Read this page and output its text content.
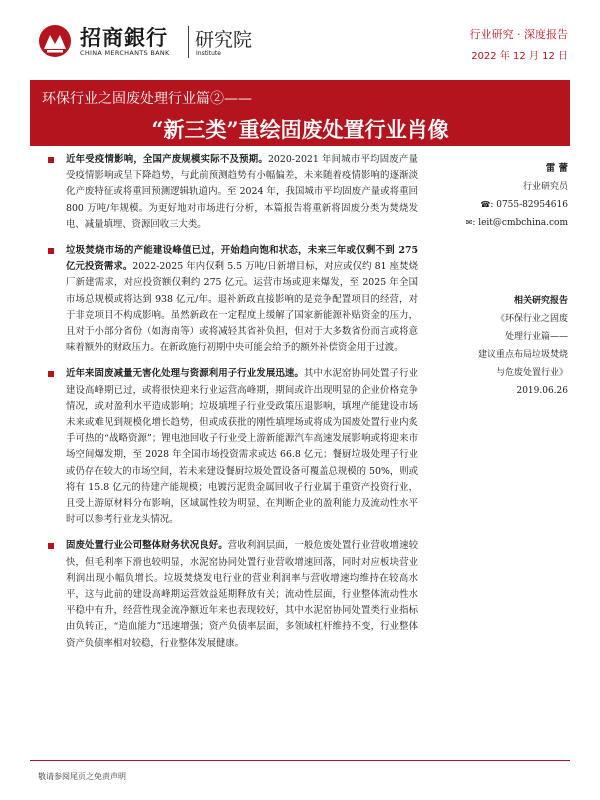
招商銀行
CHINA MERCHANTS BANK
研究院
Institute
行业研究 · 深度报告
2022 年 12 月 12 日
环保行业之固废处理行业篇②——
“新三类”重绘固废处置行业肖像
近年受疫情影响，全国产废规模实际不及预期。2020-2021 年间城市平均固废产量受疫情影响或呈下降趋势，与此前预测趋势有小幅偏差，未来随着疫情影响的逐渐淡化产废特征或将重回预测逻辑轨道内。至 2024 年，我国城市平均固废产量或将重回 800 万吨/年规模。为更好地对市场进行分析，本篇报告将重新将固废分类为焚烧发电、减量填埋、资源回收三大类。
垃圾焚烧市场的产能建设峰值已过，开始趋向饱和状态，未来三年或仅剩不到 275 亿元投资需求。2022-2025 年内仅剩 5.5 万吨/日新增目标，对应或仅约 81 座焚烧厂新建需求，对应投资额仅剩约 275 亿元。运营市场或迎来爆发，至 2025 年全国市场总规模或将达到 938 亿元/年。退补新政直接影响的是竞争配置项目的经营，对于非竞项目不构成影响。虽然新政在一定程度上缓解了国家新能源补贴资金的压力，且对于小部分省份（如海南等）或将减轻其省补负担，但对于大多数省份而言或将意味着额外的财政压力。在新政施行初期中央可能会给予的额外补偿资金用于过渡。
近年来固废减量无害化处理与资源利用子行业发展迅速。其中水泥窑协同处置子行业建设高峰期已过，或将很快迎来行业运营高峰期，期间或许出现明显的企业价格竞争情况，或对盈利水平造成影响；垃圾填埋子行业受政策压退影响，填埋产能建设市场未来或难见到规模化增长趋势，但或成获批的刚性填埋场或将成为国废处置行业内炙手可热的“战略资源”；锂电池回收子行业受上游新能源汽车高速发展影响或将迎来市场空间爆发期，至 2028 年全国市场投资需求或达 66.8 亿元；餐厨垃圾处理子行业或仍存在较大的市场空间，若未来建设餐厨垃圾处置设备可覆盖总规模的 50%，则或将有 15.8 亿元的待建产能规模；电镀污泥贵金属回收子行业属于重资产投资行业，且受上游原材料分布影响，区域属性较为明显，在判断企业的盈利能力及流动性水平时可以参考行业龙头情况。
固废处置行业公司整体财务状况良好。营收利润层面，一般危废处置行业营收增速较快，但毛利率下滑也较明显，水泥窑协同处置行业营收增速回落，同时对应板块营业利润出现小幅负增长。垃圾焚烧发电行业的营业利润率与营收增速均维持在较高水平，这与此前的建设高峰期运营效益延期释放有关；流动性层面，行业整体流动性水平稳中有升，经营性现金流净额近年来也表现较好，其中水泥窑协同处置类行业指标由负转正，“造血能力”迅速增强；资产负债率层面，多领域杠杆维持不变，行业整体资产负债率相对较稳，行业整体发展健康。
雷 蕾
行业研究员
☎: 0755-82954616
✉: leit@cmbchina.com
相关研究报告
《环保行业之固废
处理行业篇——
建议重点布局垃圾焚烧
与危废处置行业》
2019.06.26
敬请参阅尾页之免责声明
